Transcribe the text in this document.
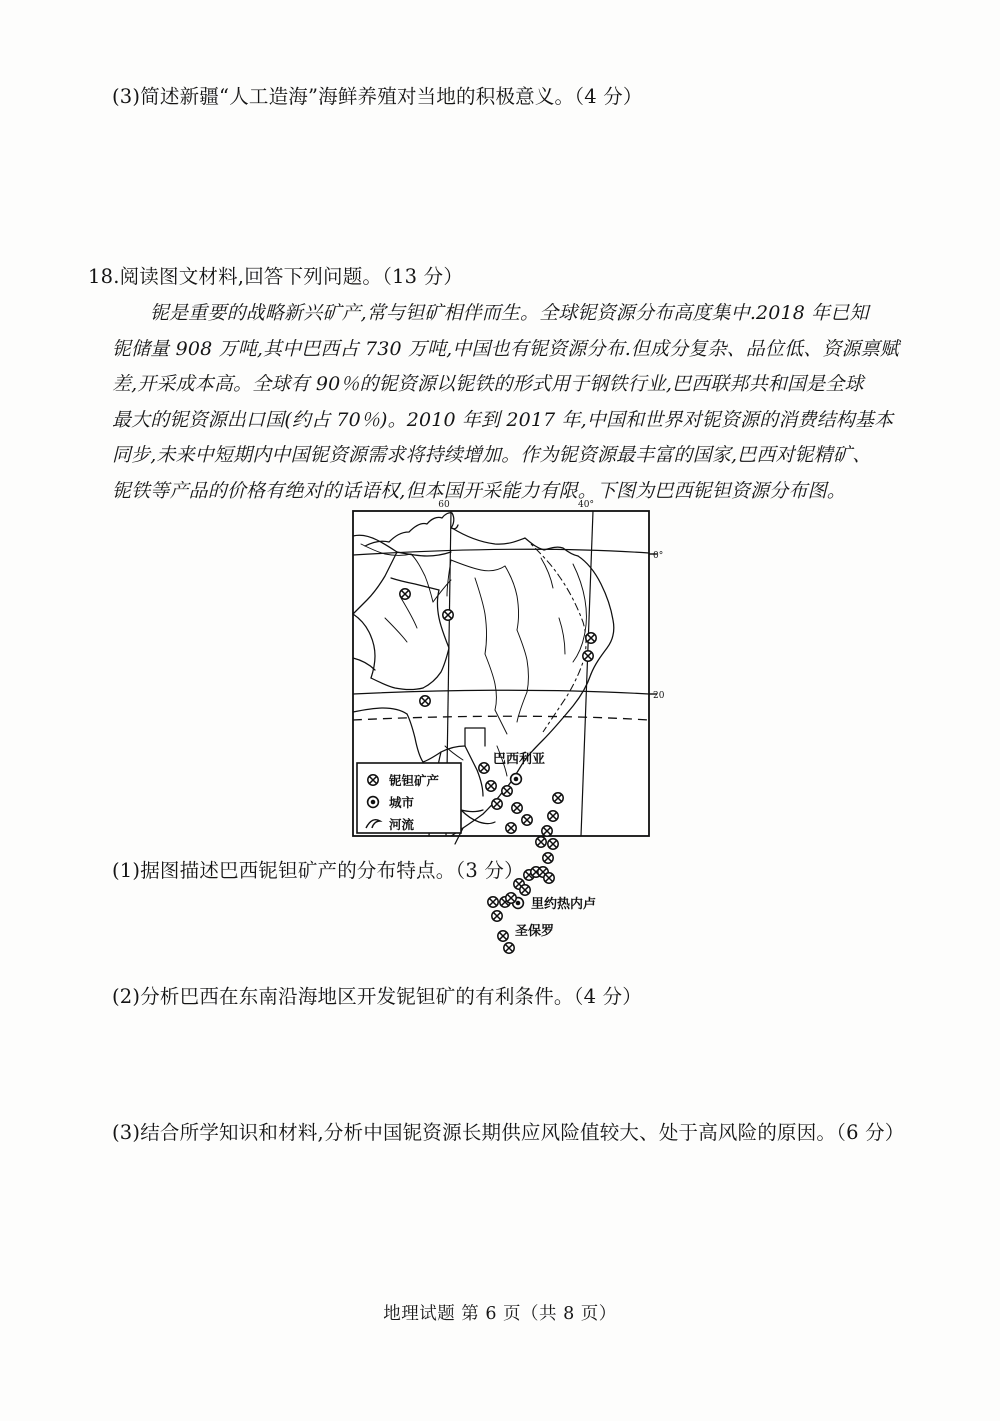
(3)简述新疆“人工造海”海鲜养殖对当地的积极意义。（4 分）
18.阅读图文材料,回答下列问题。（13 分）
铌是重要的战略新兴矿产,常与钽矿相伴而生。全球铌资源分布高度集中.2018 年已知
铌储量 908 万吨,其中巴西占 730 万吨,中国也有铌资源分布.但成分复杂、品位低、资源禀赋
差,开采成本高。全球有 90％的铌资源以铌铁的形式用于钢铁行业,巴西联邦共和国是全球
最大的铌资源出口国(约占 70％)。2010 年到 2017 年,中国和世界对铌资源的消费结构基本
同步,未来中短期内中国铌资源需求将持续增加。作为铌资源最丰富的国家,巴西对铌精矿、
铌铁等产品的价格有绝对的话语权,但本国开采能力有限。下图为巴西铌钽资源分布图。
60	40°
0°
20
巴西利亚
里约热内卢
圣保罗
铌钽矿产
城市
河流
(1)据图描述巴西铌钽矿产的分布特点。（3 分）
(2)分析巴西在东南沿海地区开发铌钽矿的有利条件。（4 分）
(3)结合所学知识和材料,分析中国铌资源长期供应风险值较大、处于高风险的原因。（6 分）
地理试题 第 6 页（共 8 页）
